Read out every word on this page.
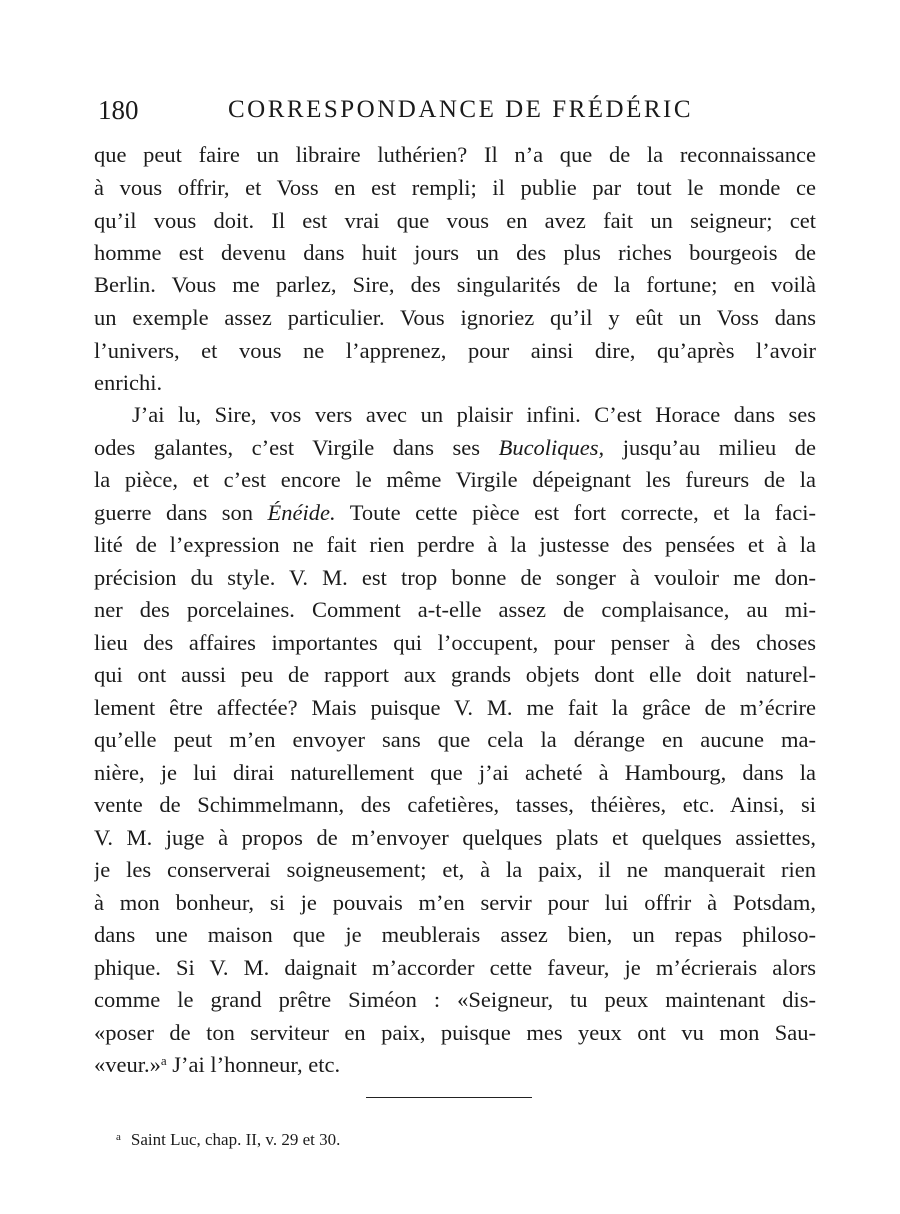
180	CORRESPONDANCE DE FRÉDÉRIC
que peut faire un libraire luthérien? Il n’a que de la reconnaissance
à vous offrir, et Voss en est rempli; il publie par tout le monde ce
qu’il vous doit. Il est vrai que vous en avez fait un seigneur; cet
homme est devenu dans huit jours un des plus riches bourgeois de
Berlin. Vous me parlez, Sire, des singularités de la fortune; en voilà
un exemple assez particulier. Vous ignoriez qu’il y eût un Voss dans
l’univers, et vous ne l’apprenez, pour ainsi dire, qu’après l’avoir
enrichi.
J’ai lu, Sire, vos vers avec un plaisir infini. C’est Horace dans ses
odes galantes, c’est Virgile dans ses Bucoliques, jusqu’au milieu de
la pièce, et c’est encore le même Virgile dépeignant les fureurs de la
guerre dans son Énéide. Toute cette pièce est fort correcte, et la faci-
lité de l’expression ne fait rien perdre à la justesse des pensées et à la
précision du style. V. M. est trop bonne de songer à vouloir me don-
ner des porcelaines. Comment a-t-elle assez de complaisance, au mi-
lieu des affaires importantes qui l’occupent, pour penser à des choses
qui ont aussi peu de rapport aux grands objets dont elle doit naturel-
lement être affectée? Mais puisque V. M. me fait la grâce de m’écrire
qu’elle peut m’en envoyer sans que cela la dérange en aucune ma-
nière, je lui dirai naturellement que j’ai acheté à Hambourg, dans la
vente de Schimmelmann, des cafetières, tasses, théières, etc. Ainsi, si
V. M. juge à propos de m’envoyer quelques plats et quelques assiettes,
je les conserverai soigneusement; et, à la paix, il ne manquerait rien
à mon bonheur, si je pouvais m’en servir pour lui offrir à Potsdam,
dans une maison que je meublerais assez bien, un repas philoso-
phique. Si V. M. daignait m’accorder cette faveur, je m’écrierais alors
comme le grand prêtre Siméon : «Seigneur, tu peux maintenant dis-
«poser de ton serviteur en paix, puisque mes yeux ont vu mon Sau-
«veur.»$^a$ J’ai l’honneur, etc.
$^a$ Saint Luc, chap. II, v. 29 et 30.
